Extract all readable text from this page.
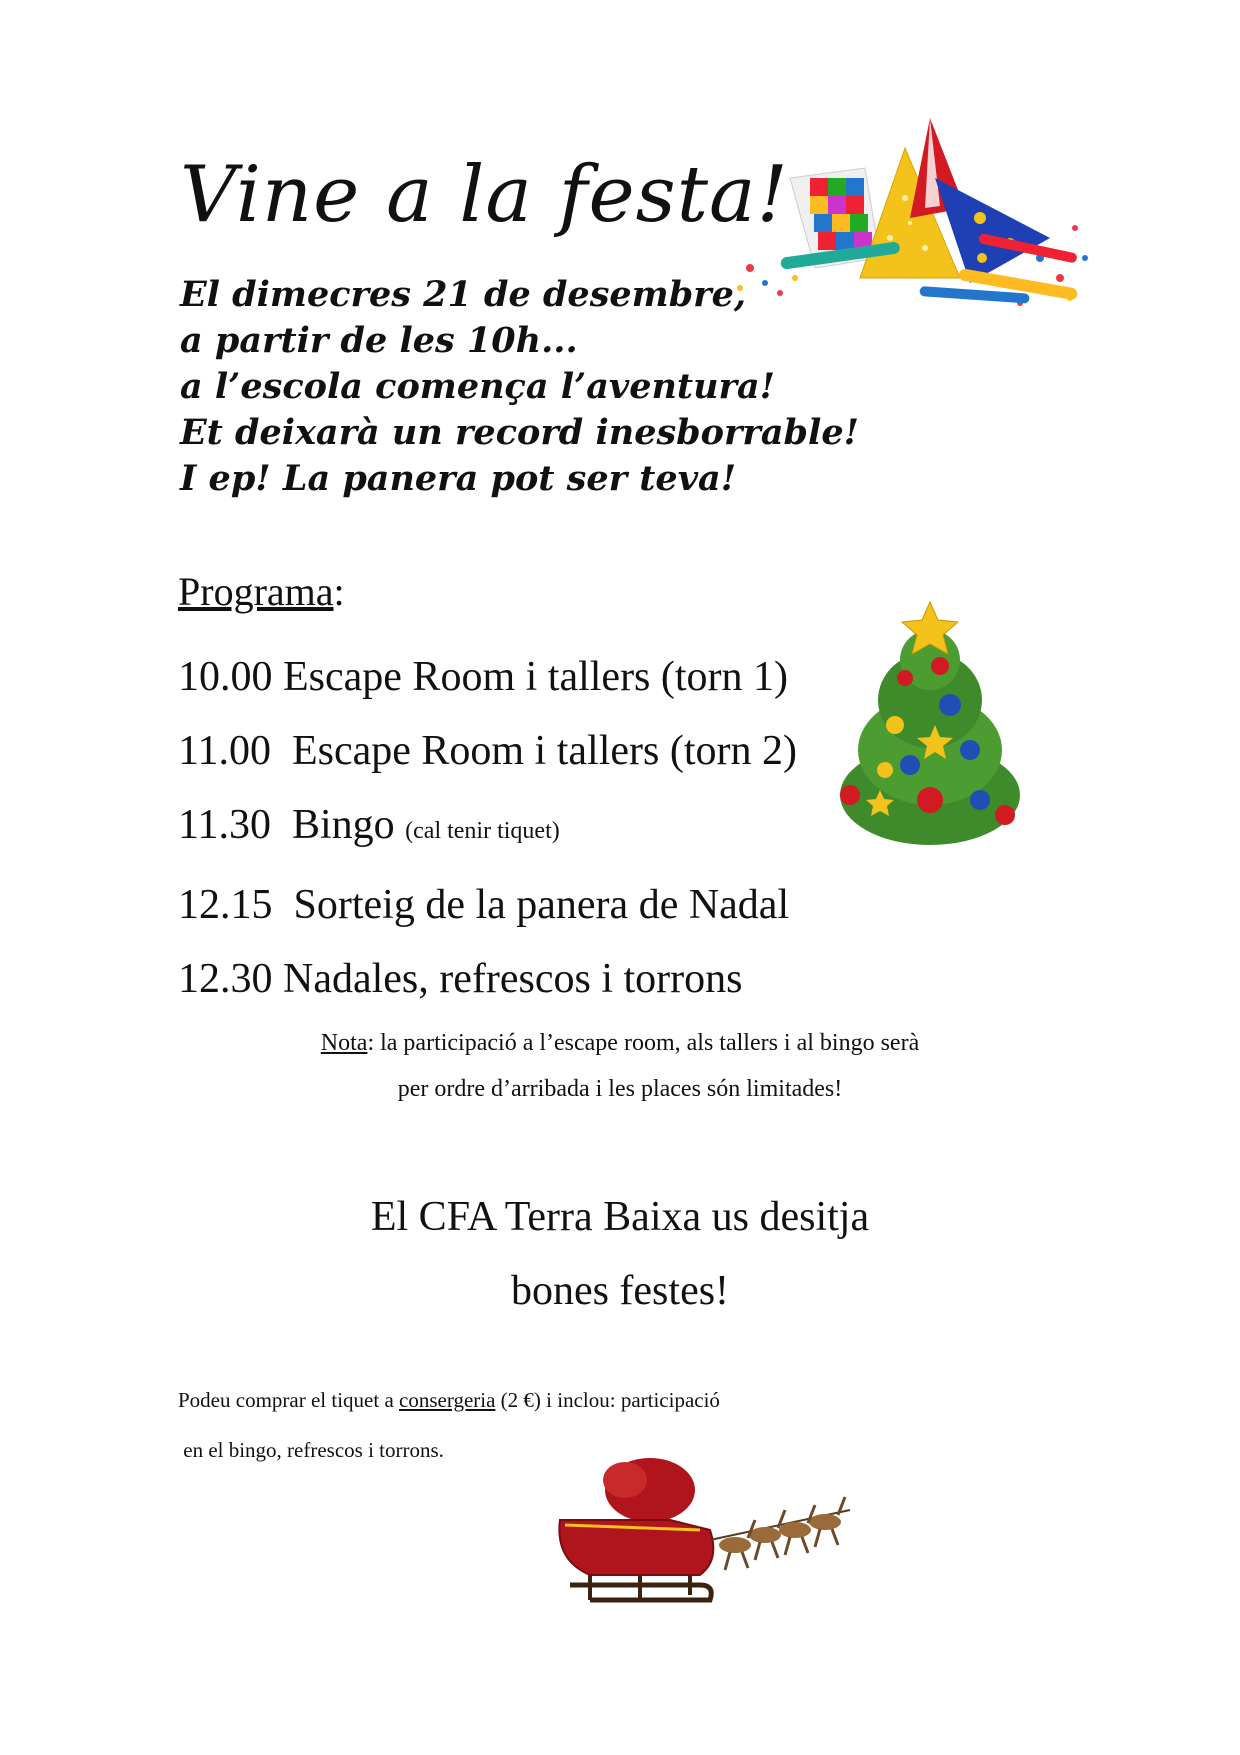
Vine a la festa!
El dimecres 21 de desembre,
a partir de les 10h...
a l’escola comença l’aventura!
Et deixarà un record inesborrable!
I ep! La panera pot ser teva!
Programa:
10.00 Escape Room i tallers (torn 1)
11.00 Escape Room i tallers (torn 2)
11.30 Bingo (cal tenir tiquet)
12.15 Sorteig de la panera de Nadal
12.30 Nadales, refrescos i torrons
Nota: la participació a l’escape room, als tallers i al bingo serà
per ordre d’arribada i les places són limitades!
El CFA Terra Baixa us desitja
bones festes!
Podeu comprar el tiquet a consergeria (2 €) i inclou: participació
en el bingo, refrescos i torrons.
